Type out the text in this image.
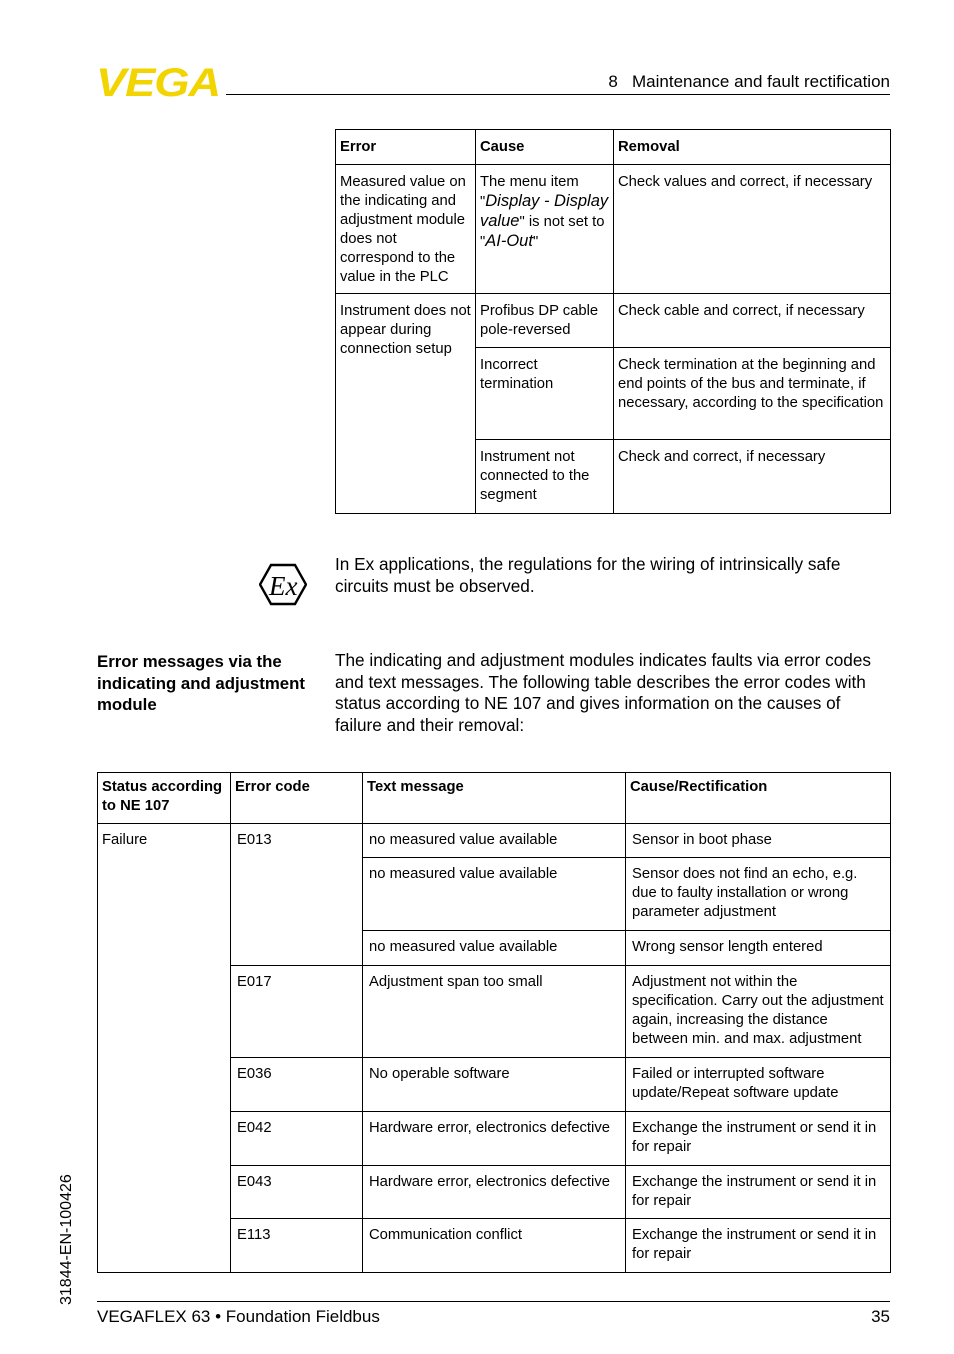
VEGA	8   Maintenance and fault rectification
Error	Cause	Removal

Measured value on the indicating and adjustment module does not correspond to the value in the PLC	The menu item "Display - Display value" is not set to "AI-Out"	Check values and correct, if necessary

Instrument does not appear during connection setup	Profibus DP cable pole-reversed	Check cable and correct, if necessary

	Incorrect termination	Check termination at the beginning and end points of the bus and terminate, if necessary, according to the specification

	Instrument not connected to the segment	Check and correct, if necessary
Ex
In Ex applications, the regulations for the wiring of intrinsically safe circuits must be observed.
Error messages via the indicating and adjustment module
The indicating and adjustment modules indicates faults via error codes and text messages. The following table describes the error codes with status according to NE 107 and gives information on the causes of failure and their removal:
Status according to NE 107	Error code	Text message	Cause/Rectification

Failure	E013	no measured value available	Sensor in boot phase

		no measured value available	Sensor does not find an echo, e.g. due to faulty installation or wrong parameter adjustment

		no measured value available	Wrong sensor length entered

	E017	Adjustment span too small	Adjustment not within the specification. Carry out the adjustment again, increasing the distance between min. and max. adjustment

	E036	No operable software	Failed or interrupted software update/Repeat software update

	E042	Hardware error, electronics defective	Exchange the instrument or send it in for repair

	E043	Hardware error, electronics defective	Exchange the instrument or send it in for repair

	E113	Communication conflict	Exchange the instrument or send it in for repair
31844-EN-100426
VEGAFLEX 63 • Foundation Fieldbus	35
